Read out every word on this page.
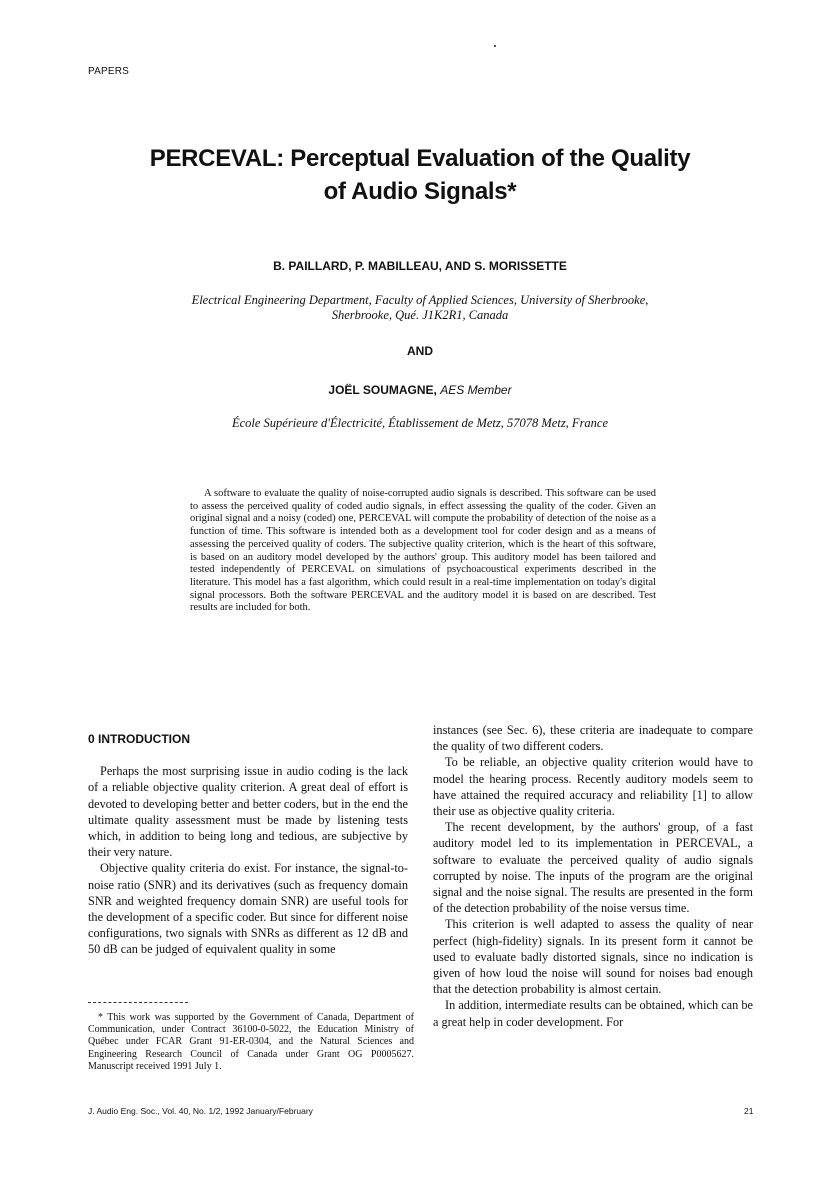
PAPERS
PERCEVAL: Perceptual Evaluation of the Quality
of Audio Signals*
B. PAILLARD, P. MABILLEAU, AND S. MORISSETTE
Electrical Engineering Department, Faculty of Applied Sciences, University of Sherbrooke,
Sherbrooke, Qué. J1K2R1, Canada
AND
JOËL SOUMAGNE, AES Member
École Supérieure d'Électricité, Établissement de Metz, 57078 Metz, France

A software to evaluate the quality of noise-corrupted audio signals is described. This software can be used to assess the perceived quality of coded audio signals, in effect assessing the quality of the coder. Given an original signal and a noisy (coded) one, PERCEVAL will compute the probability of detection of the noise as a function of time. This software is intended both as a development tool for coder design and as a means of assessing the perceived quality of coders. The subjective quality criterion, which is the heart of this software, is based on an auditory model developed by the authors' group. This auditory model has been tailored and tested independently of PERCEVAL on simulations of psychoacoustical experiments described in the literature. This model has a fast algorithm, which could result in a real-time implementation on today's digital signal processors. Both the software PERCEVAL and the auditory model it is based on are described. Test results are included for both.

0 INTRODUCTION

Perhaps the most surprising issue in audio coding is the lack of a reliable objective quality criterion. A great deal of effort is devoted to developing better and better coders, but in the end the ultimate quality assessment must be made by listening tests which, in addition to being long and tedious, are subjective by their very nature.

Objective quality criteria do exist. For instance, the signal-to-noise ratio (SNR) and its derivatives (such as frequency domain SNR and weighted frequency domain SNR) are useful tools for the development of a specific coder. But since for different noise configurations, two signals with SNRs as different as 12 dB and 50 dB can be judged of equivalent quality in some

* This work was supported by the Government of Canada, Department of Communication, under Contract 36100-0-5022, the Education Ministry of Québec under FCAR Grant 91-ER-0304, and the Natural Sciences and Engineering Research Council of Canada under Grant OG P0005627. Manuscript received 1991 July 1.

instances (see Sec. 6), these criteria are inadequate to compare the quality of two different coders.

To be reliable, an objective quality criterion would have to model the hearing process. Recently auditory models seem to have attained the required accuracy and reliability [1] to allow their use as objective quality criteria.

The recent development, by the authors' group, of a fast auditory model led to its implementation in PERCEVAL, a software to evaluate the perceived quality of audio signals corrupted by noise. The inputs of the program are the original signal and the noise signal. The results are presented in the form of the detection probability of the noise versus time.

This criterion is well adapted to assess the quality of near perfect (high-fidelity) signals. In its present form it cannot be used to evaluate badly distorted signals, since no indication is given of how loud the noise will sound for noises bad enough that the detection probability is almost certain.

In addition, intermediate results can be obtained, which can be a great help in coder development. For

J. Audio Eng. Soc., Vol. 40, No. 1/2, 1992 January/February	21
